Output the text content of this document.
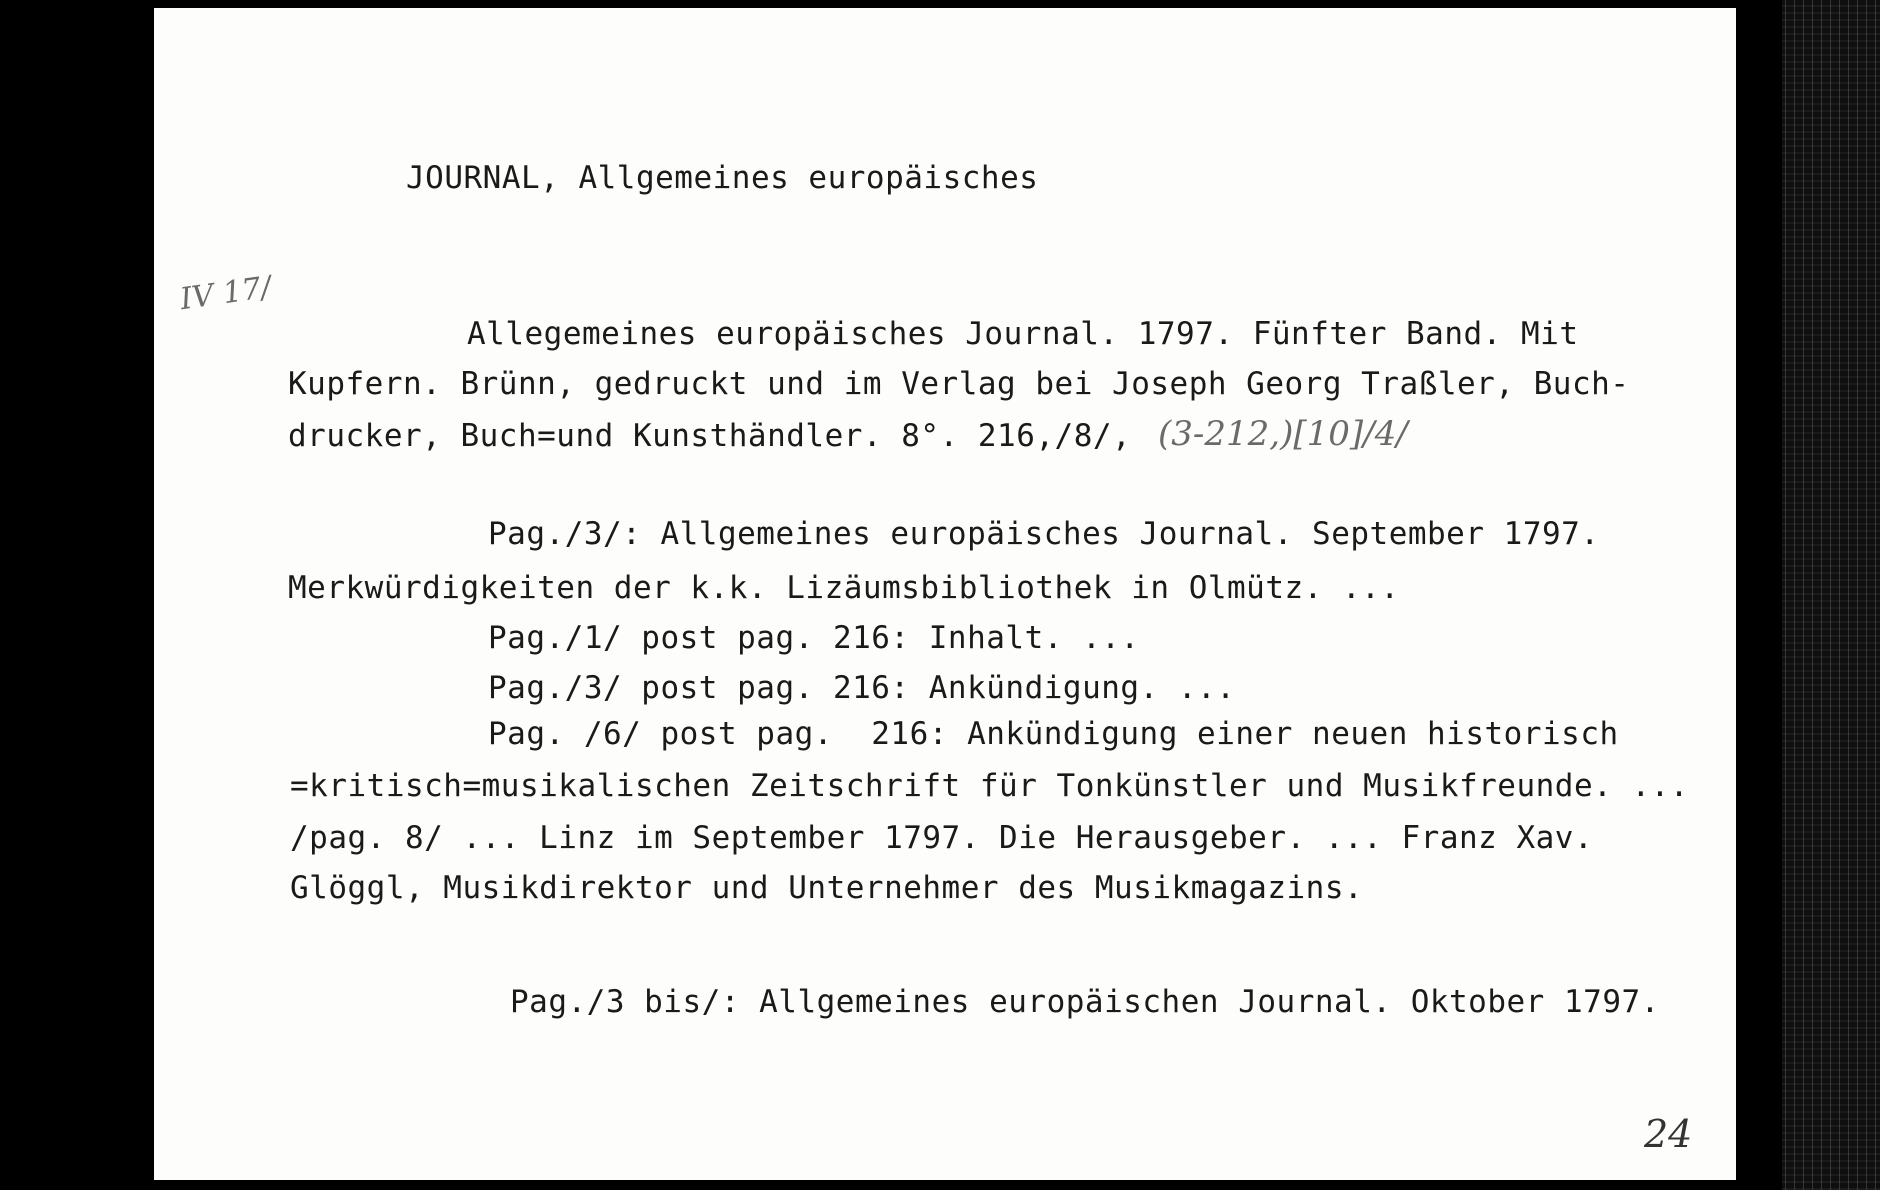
JOURNAL, Allgemeines europäisches
IV 17/
Allegemeines europäisches Journal. 1797. Fünfter Band. Mit
Kupfern. Brünn, gedruckt und im Verlag bei Joseph Georg Traßler, Buch-
drucker, Buch=und Kunsthändler. 8°. 216,/8/, (3-212,)[10]/4/
Pag./3/: Allgemeines europäisches Journal. September 1797.
Merkwürdigkeiten der k.k. Lizäumsbibliothek in Olmütz. ...
Pag./1/ post pag. 216: Inhalt. ...
Pag./3/ post pag. 216: Ankündigung. ...
Pag. /6/ post pag.  216: Ankündigung einer neuen historisch
=kritisch=musikalischen Zeitschrift für Tonkünstler und Musikfreunde. ...
/pag. 8/ ... Linz im September 1797. Die Herausgeber. ... Franz Xav.
Glöggl, Musikdirektor und Unternehmer des Musikmagazins.
Pag./3 bis/: Allgemeines europäischen Journal. Oktober 1797.
24
